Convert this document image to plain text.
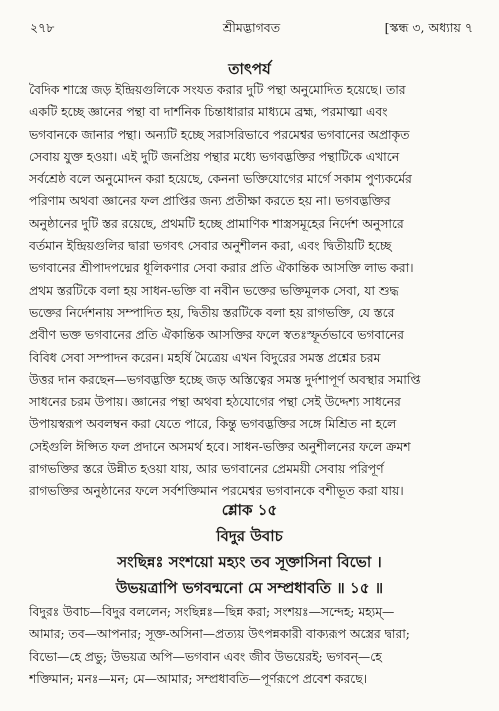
২৭৮	শ্রীমদ্ভাগবত	[স্কন্ধ ৩, অধ্যায় ৭
তাৎপর্য
বৈদিক শাস্ত্রে জড় ইন্দ্রিয়গুলিকে সংযত করার দুটি পন্থা অনুমোদিত হয়েছে। তার
একটি হচ্ছে জ্ঞানের পন্থা বা দার্শনিক চিন্তাধারার মাধ্যমে ব্রহ্ম, পরমাত্মা এবং
ভগবানকে জানার পন্থা। অন্যটি হচ্ছে সরাসরিভাবে পরমেশ্বর ভগবানের অপ্রাকৃত
সেবায় যুক্ত হওয়া। এই দুটি জনপ্রিয় পন্থার মধ্যে ভগবদ্ভক্তির পন্থাটিকে এখানে
সর্বশ্রেষ্ঠ বলে অনুমোদন করা হয়েছে, কেননা ভক্তিযোগের মার্গে সকাম পুণ্যকর্মের
পরিণাম অথবা জ্ঞানের ফল প্রাপ্তির জন্য প্রতীক্ষা করতে হয় না। ভগবদ্ভক্তির
অনুষ্ঠানের দুটি স্তর রয়েছে, প্রথমটি হচ্ছে প্রামাণিক শাস্ত্রসমূহের নির্দেশ অনুসারে
বর্তমান ইন্দ্রিয়গুলির দ্বারা ভগবৎ সেবার অনুশীলন করা, এবং দ্বিতীয়টি হচ্ছে
ভগবানের শ্রীপাদপদ্মের ধূলিকণার সেবা করার প্রতি ঐকান্তিক আসক্তি লাভ করা।
প্রথম স্তরটিকে বলা হয় সাধন-ভক্তি বা নবীন ভক্তের ভক্তিমূলক সেবা, যা শুদ্ধ
ভক্তের নির্দেশনায় সম্পাদিত হয়, দ্বিতীয় স্তরটিকে বলা হয় রাগভক্তি, যে স্তরে
প্রবীণ ভক্ত ভগবানের প্রতি ঐকান্তিক আসক্তির ফলে স্বতঃস্ফূর্তভাবে ভগবানের
বিবিধ সেবা সম্পাদন করেন। মহর্ষি মৈত্রেয় এখন বিদুরের সমস্ত প্রশ্নের চরম
উত্তর দান করছেন—ভগবদ্ভক্তি হচ্ছে জড় অস্তিত্বের সমস্ত দুর্দশাপূর্ণ অবস্থার সমাপ্তি
সাধনের চরম উপায়। জ্ঞানের পন্থা অথবা হঠযোগের পন্থা সেই উদ্দেশ্য সাধনের
উপায়স্বরূপ অবলম্বন করা যেতে পারে, কিন্তু ভগবদ্ভক্তির সঙ্গে মিশ্রিত না হলে
সেইগুলি ঈপ্সিত ফল প্রদানে অসমর্থ হবে। সাধন-ভক্তির অনুশীলনের ফলে ক্রমশ
রাগভক্তির স্তরে উন্নীত হওয়া যায়, আর ভগবানের প্রেমময়ী সেবায় পরিপূর্ণ
রাগভক্তির অনুষ্ঠানের ফলে সর্বশক্তিমান পরমেশ্বর ভগবানকে বশীভূত করা যায়।
শ্লোক ১৫
বিদুর উবাচ
সংছিন্নঃ সংশয়ো মহ্যং তব সূক্তাসিনা বিভো ।
উভয়ত্রাপি ভগবন্মনো মে সম্প্রধাবতি ॥ ১৫ ॥
বিদুরঃ উবাচ—বিদুর বললেন; সংছিন্নঃ—ছিন্ন করা; সংশয়ঃ—সন্দেহ; মহ্যম্—
আমার; তব—আপনার; সূক্ত-অসিনা—প্রত্যয় উৎপন্নকারী বাক্যরূপ অস্ত্রের দ্বারা;
বিভো—হে প্রভু; উভয়ত্র অপি—ভগবান এবং জীব উভয়েরই; ভগবন্—হে
শক্তিমান; মনঃ—মন; মে—আমার; সম্প্রধাবতি—পূর্ণরূপে প্রবেশ করছে।
